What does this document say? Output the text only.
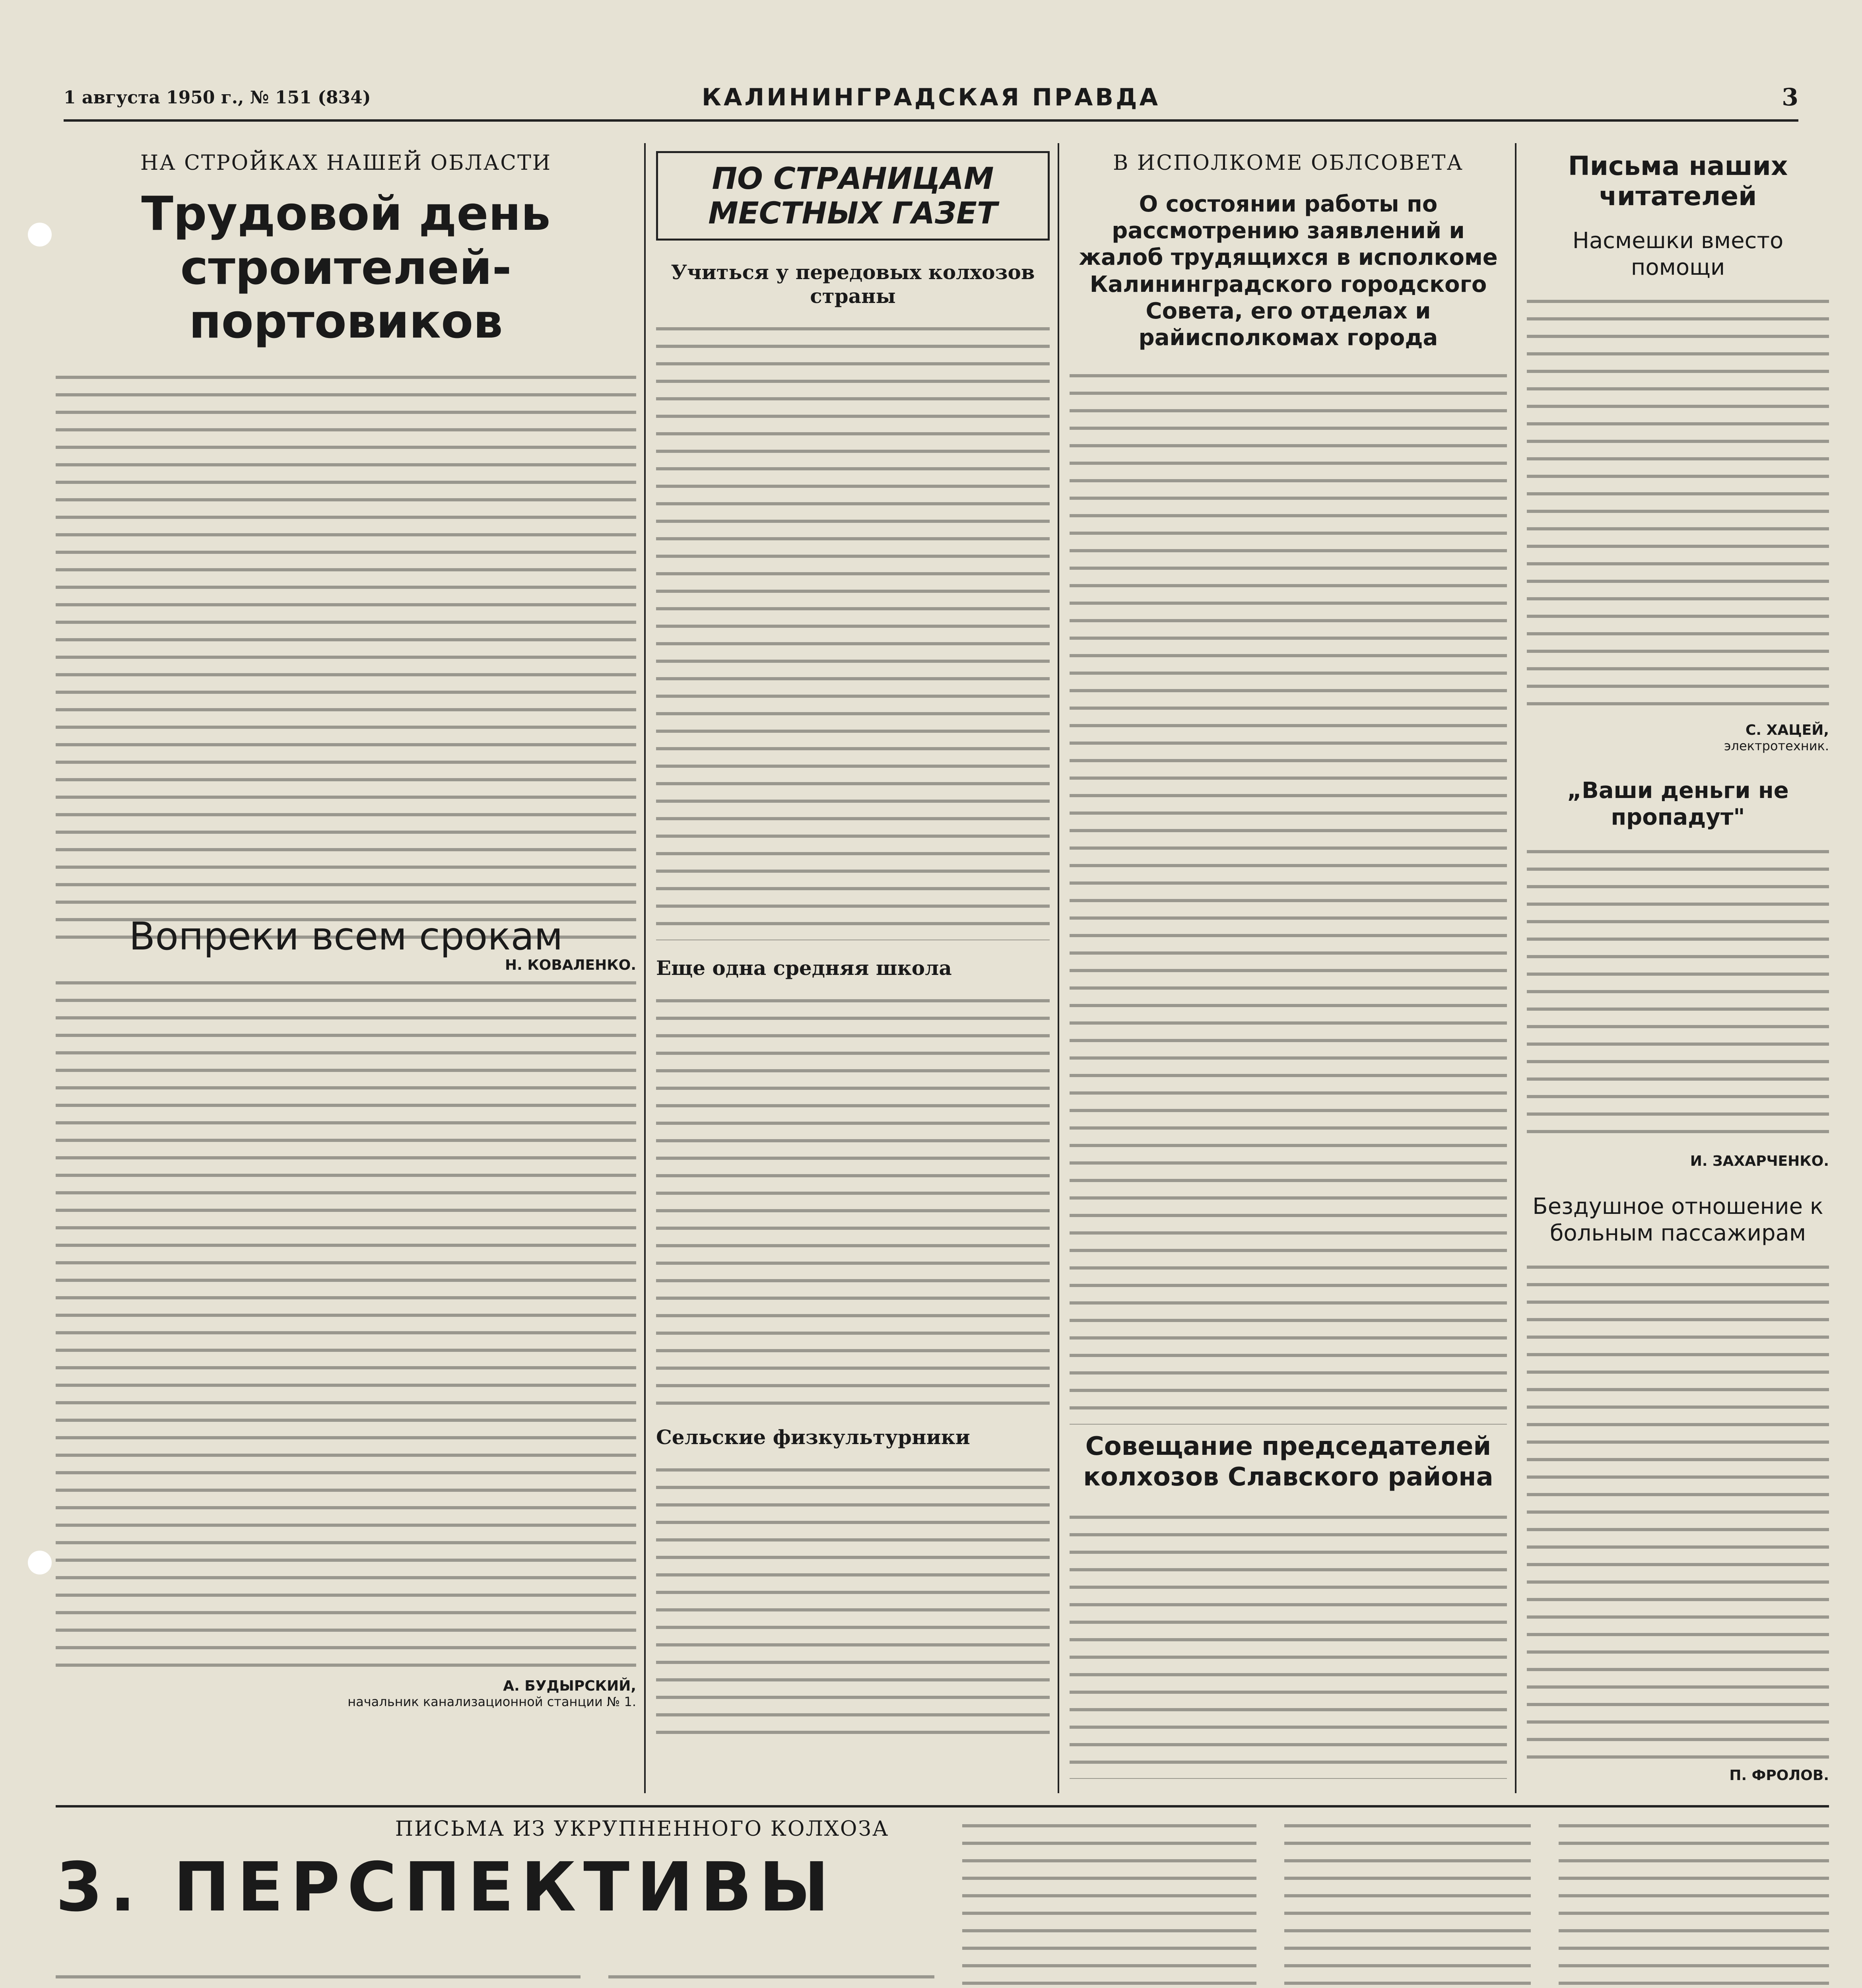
1 августа 1950 г., № 151 (834)	КАЛИНИНГРАДСКАЯ ПРАВДА	3
НА СТРОЙКАХ НАШЕЙ ОБЛАСТИ
Трудовой день строителей-портовиков
Н. КОВАЛЕНКО.
Вопреки всем срокам
А. БУДЫРСКИЙ,
начальник канализационной станции № 1.
ПО СТРАНИЦАМ МЕСТНЫХ ГАЗЕТ
Учиться у передовых колхозов страны
Еще одна средняя школа
Сельские физкультурники
В ИСПОЛКОМЕ ОБЛСОВЕТА
О состоянии работы по рассмотрению заявлений и жалоб трудящихся в исполкоме Калининградского городского Совета, его отделах и райисполкомах города
Совещание председателей колхозов Славского района
Письма наших читателей
Насмешки вместо помощи
С. ХАЦЕЙ,
электротехник.
„Ваши деньги не пропадут"
И. ЗАХАРЧЕНКО.
Бездушное отношение к больным пассажирам
П. ФРОЛОВ.
ПИСЬМА ИЗ УКРУПНЕННОГО КОЛХОЗА
3. ПЕРСПЕКТИВЫ
